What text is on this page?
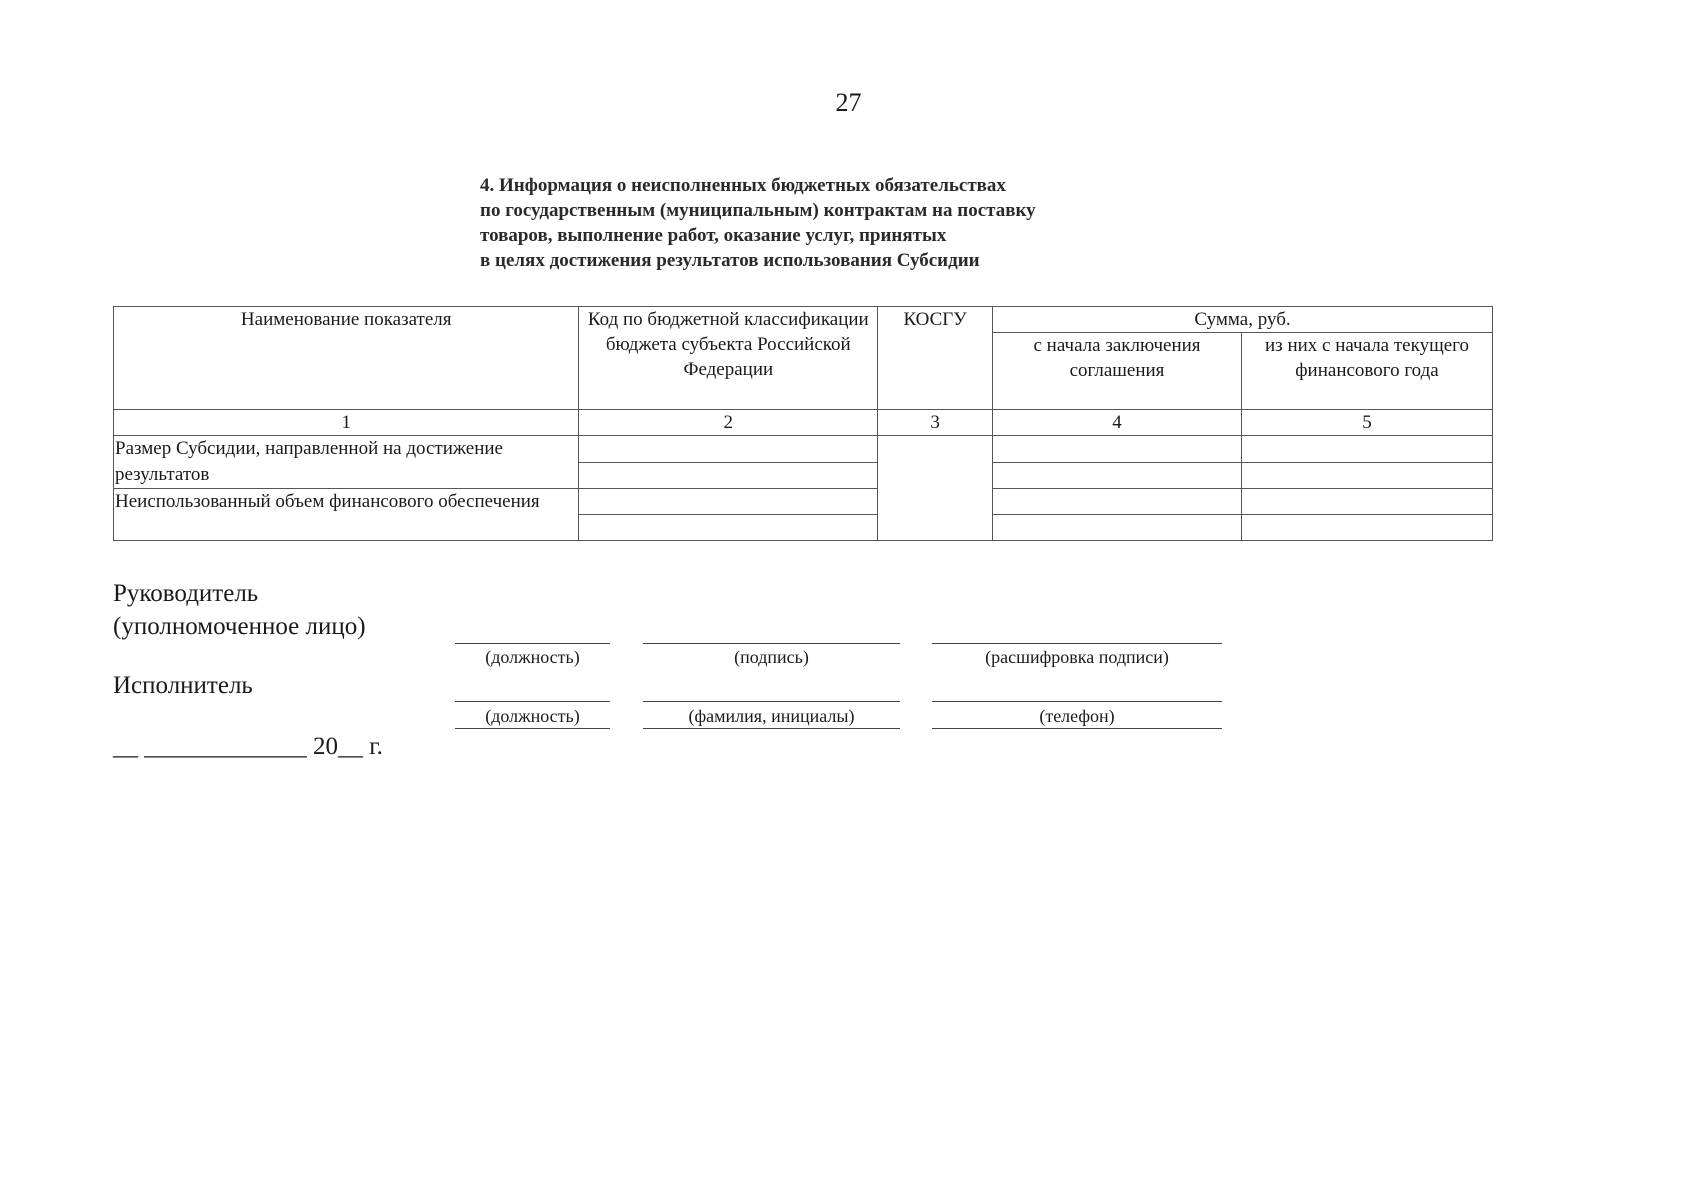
27
4. Информация о неисполненных бюджетных обязательствах
по государственным (муниципальным) контрактам на поставку
товаров, выполнение работ, оказание услуг, принятых
в целях достижения результатов использования Субсидии
Наименование показателя	Код по бюджетной классификации бюджета субъекта Российской Федерации	КОСГУ	Сумма, руб.	
			с начала заключения соглашения	из них с начала текущего финансового года
1	2	3	4	5
Размер Субсидии, направленной на достижение результатов				

Неиспользованный объем финансового обеспечения				

Руководитель
(уполномоченное лицо)
(должность)	(подпись)	(расшифровка подписи)
Исполнитель
(должность)	(фамилия, инициалы)	(телефон)
__ _____________ 20__ г.
